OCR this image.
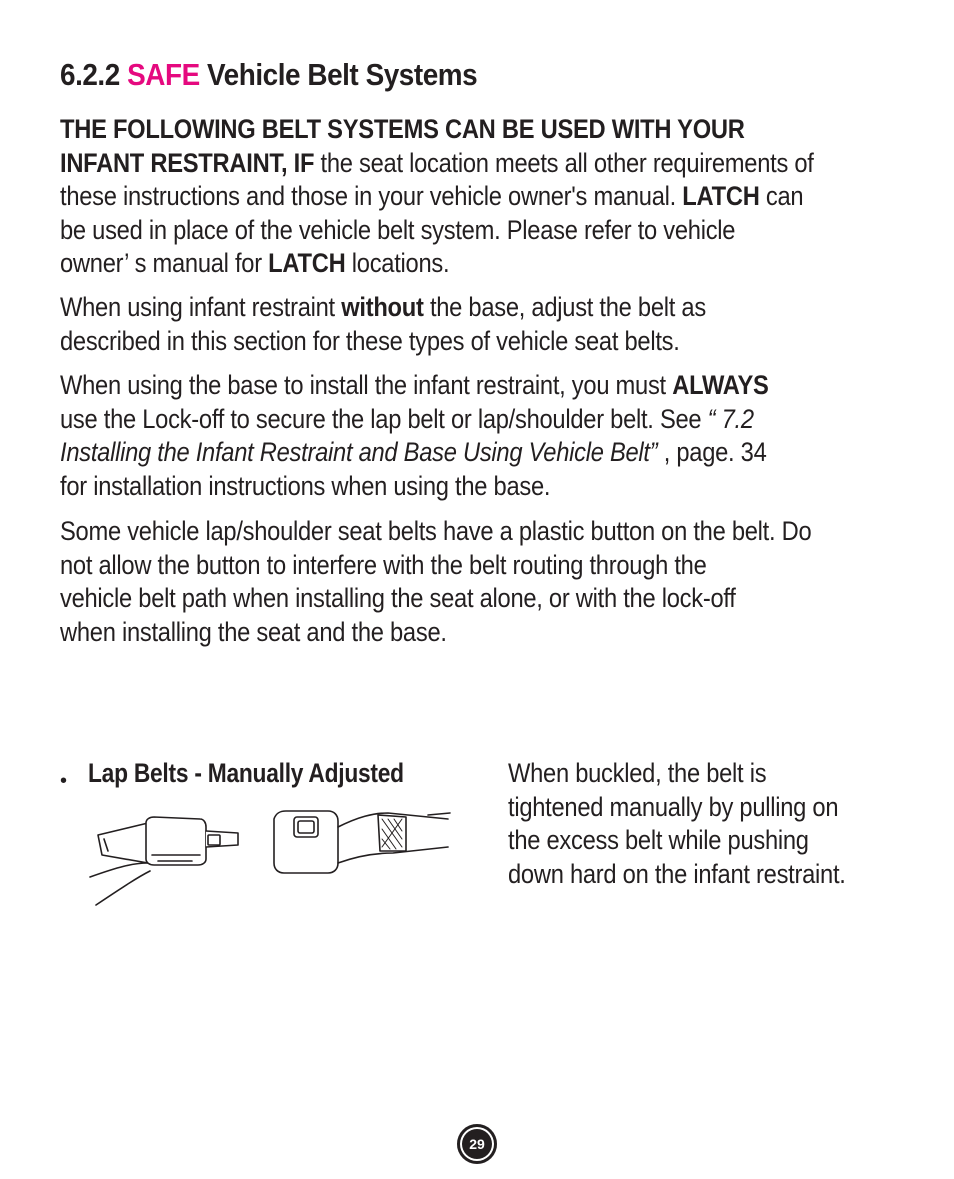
6.2.2 SAFE Vehicle Belt Systems

THE FOLLOWING BELT SYSTEMS CAN BE USED WITH YOUR
INFANT RESTRAINT, IF the seat location meets all other requirements of
these instructions and those in your vehicle owner's manual. LATCH can
be used in place of the vehicle belt system. Please refer to vehicle
owner’ s manual for LATCH locations.

When using infant restraint without the base, adjust the belt as
described in this section for these types of vehicle seat belts.

When using the base to install the infant restraint, you must ALWAYS
use the Lock-off to secure the lap belt or lap/shoulder belt. See “ 7.2
Installing the Infant Restraint and Base Using Vehicle Belt” , page. 34
for installation instructions when using the base.

Some vehicle lap/shoulder seat belts have a plastic button on the belt. Do
not allow the button to interfere with the belt routing through the
vehicle belt path when installing the seat alone, or with the lock-off
when installing the seat and the base.

• Lap Belts - Manually Adjusted	When buckled, the belt is
tightened manually by pulling on
the excess belt while pushing
down hard on the infant restraint.

29
